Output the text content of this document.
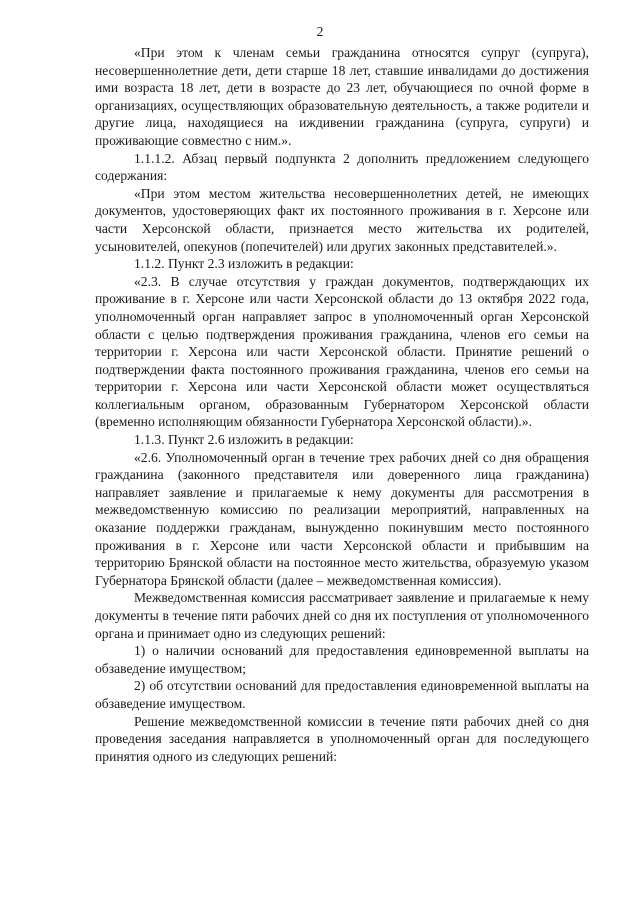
2

«При этом к членам семьи гражданина относятся супруг (супруга), несовершеннолетние дети, дети старше 18 лет, ставшие инвалидами до достижения ими возраста 18 лет, дети в возрасте до 23 лет, обучающиеся по очной форме в организациях, осуществляющих образовательную деятельность, а также родители и другие лица, находящиеся на иждивении гражданина (супруга, супруги) и проживающие совместно с ним.».

1.1.1.2. Абзац первый подпункта 2 дополнить предложением следующего содержания:

«При этом местом жительства несовершеннолетних детей, не имеющих документов, удостоверяющих факт их постоянного проживания в г. Херсоне или части Херсонской области, признается место жительства их родителей, усыновителей, опекунов (попечителей) или других законных представителей.».

1.1.2. Пункт 2.3 изложить в редакции:

«2.3. В случае отсутствия у граждан документов, подтверждающих их проживание в г. Херсоне или части Херсонской области до 13 октября 2022 года, уполномоченный орган направляет запрос в уполномоченный орган Херсонской области с целью подтверждения проживания гражданина, членов его семьи на территории г. Херсона или части Херсонской области. Принятие решений о подтверждении факта постоянного проживания гражданина, членов его семьи на территории г. Херсона или части Херсонской области может осуществляться коллегиальным органом, образованным Губернатором Херсонской области (временно исполняющим обязанности Губернатора Херсонской области).».

1.1.3. Пункт 2.6 изложить в редакции:

«2.6. Уполномоченный орган в течение трех рабочих дней со дня обращения гражданина (законного представителя или доверенного лица гражданина) направляет заявление и прилагаемые к нему документы для рассмотрения в межведомственную комиссию по реализации мероприятий, направленных на оказание поддержки гражданам, вынужденно покинувшим место постоянного проживания в г. Херсоне или части Херсонской области и прибывшим на территорию Брянской области на постоянное место жительства, образуемую указом Губернатора Брянской области (далее – межведомственная комиссия).

Межведомственная комиссия рассматривает заявление и прилагаемые к нему документы в течение пяти рабочих дней со дня их поступления от уполномоченного органа и принимает одно из следующих решений:

1) о наличии оснований для предоставления единовременной выплаты на обзаведение имуществом;

2) об отсутствии оснований для предоставления единовременной выплаты на обзаведение имуществом.

Решение межведомственной комиссии в течение пяти рабочих дней со дня проведения заседания направляется в уполномоченный орган для последующего принятия одного из следующих решений:
